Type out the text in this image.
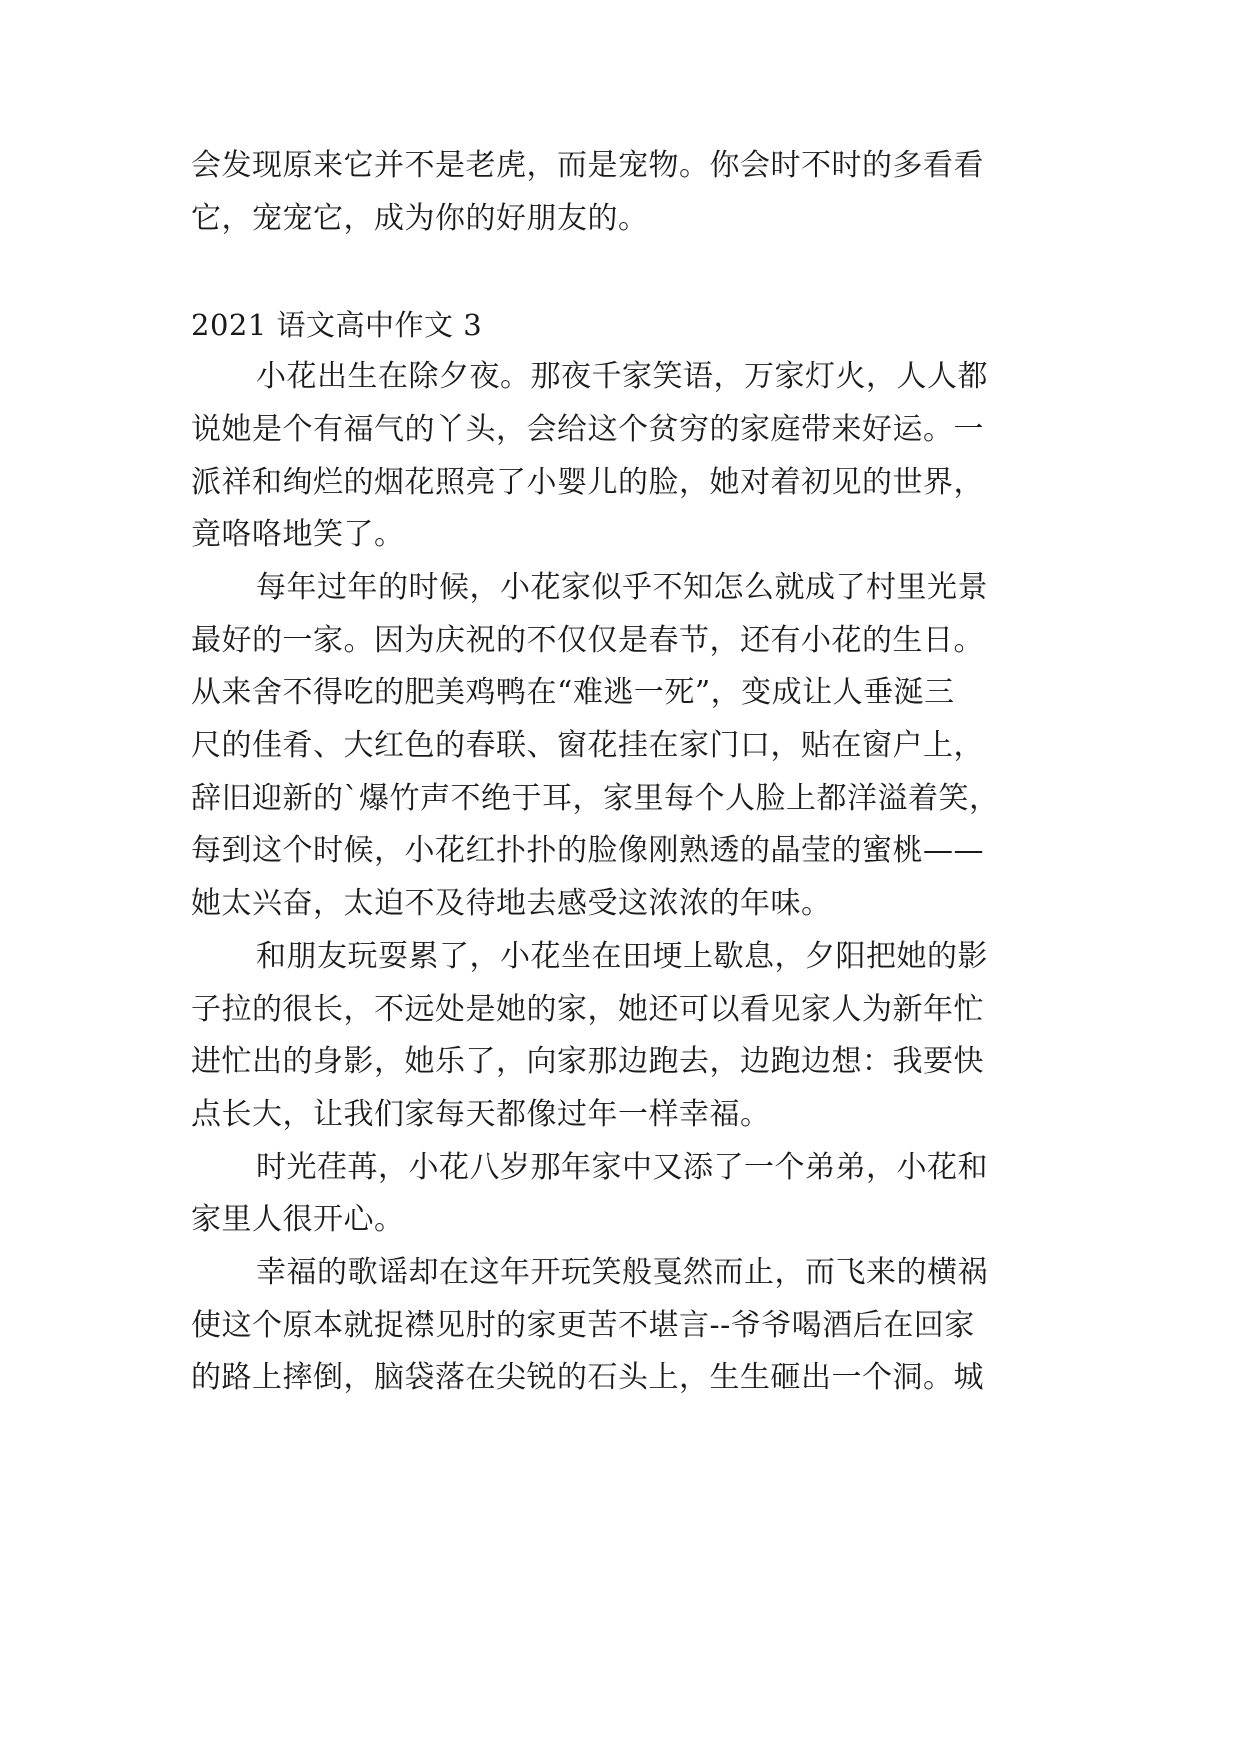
会发现原来它并不是老虎，而是宠物。你会时不时的多看看
它，宠宠它，成为你的好朋友的。
2021 语文高中作文 3
小花出生在除夕夜。那夜千家笑语，万家灯火，人人都
说她是个有福气的丫头，会给这个贫穷的家庭带来好运。一
派祥和绚烂的烟花照亮了小婴儿的脸，她对着初见的世界，
竟咯咯地笑了。
每年过年的时候，小花家似乎不知怎么就成了村里光景
最好的一家。因为庆祝的不仅仅是春节，还有小花的生日。
从来舍不得吃的肥美鸡鸭在“难逃一死”，变成让人垂涎三
尺的佳肴、大红色的春联、窗花挂在家门口，贴在窗户上，
辞旧迎新的`爆竹声不绝于耳，家里每个人脸上都洋溢着笑，
每到这个时候，小花红扑扑的脸像刚熟透的晶莹的蜜桃——
她太兴奋，太迫不及待地去感受这浓浓的年味。
和朋友玩耍累了，小花坐在田埂上歇息，夕阳把她的影
子拉的很长，不远处是她的家，她还可以看见家人为新年忙
进忙出的身影，她乐了，向家那边跑去，边跑边想：我要快
点长大，让我们家每天都像过年一样幸福。
时光荏苒，小花八岁那年家中又添了一个弟弟，小花和
家里人很开心。
幸福的歌谣却在这年开玩笑般戛然而止，而飞来的横祸
使这个原本就捉襟见肘的家更苦不堪言--爷爷喝酒后在回家
的路上摔倒，脑袋落在尖锐的石头上，生生砸出一个洞。城
